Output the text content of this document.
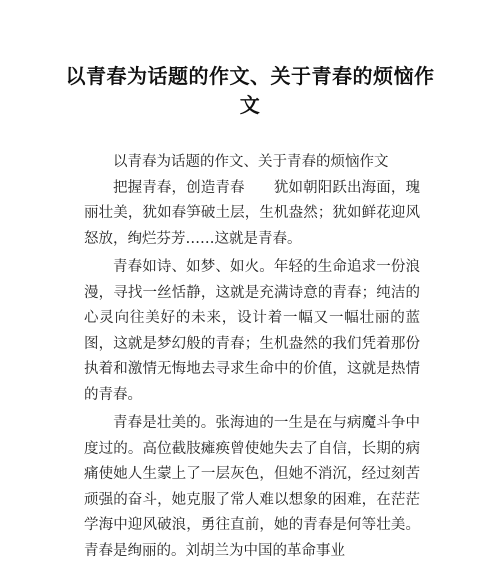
以青春为话题的作文、关于青春的烦恼作文

以青春为话题的作文、关于青春的烦恼作文

把握青春，创造青春　　犹如朝阳跃出海面，瑰丽壮美，犹如春笋破土层，生机盎然；犹如鲜花迎风怒放，绚烂芬芳……这就是青春。

青春如诗、如梦、如火。年轻的生命追求一份浪漫，寻找一丝恬静，这就是充满诗意的青春；纯洁的心灵向往美好的未来，设计着一幅又一幅壮丽的蓝图，这就是梦幻般的青春；生机盎然的我们凭着那份执着和激情无悔地去寻求生命中的价值，这就是热情的青春。

青春是壮美的。张海迪的一生是在与病魔斗争中度过的。高位截肢瘫痪曾使她失去了自信，长期的病痛使她人生蒙上了一层灰色，但她不消沉，经过刻苦顽强的奋斗，她克服了常人难以想象的困难，在茫茫学海中迎风破浪，勇往直前，她的青春是何等壮美。青春是绚丽的。刘胡兰为中国的革命事业
